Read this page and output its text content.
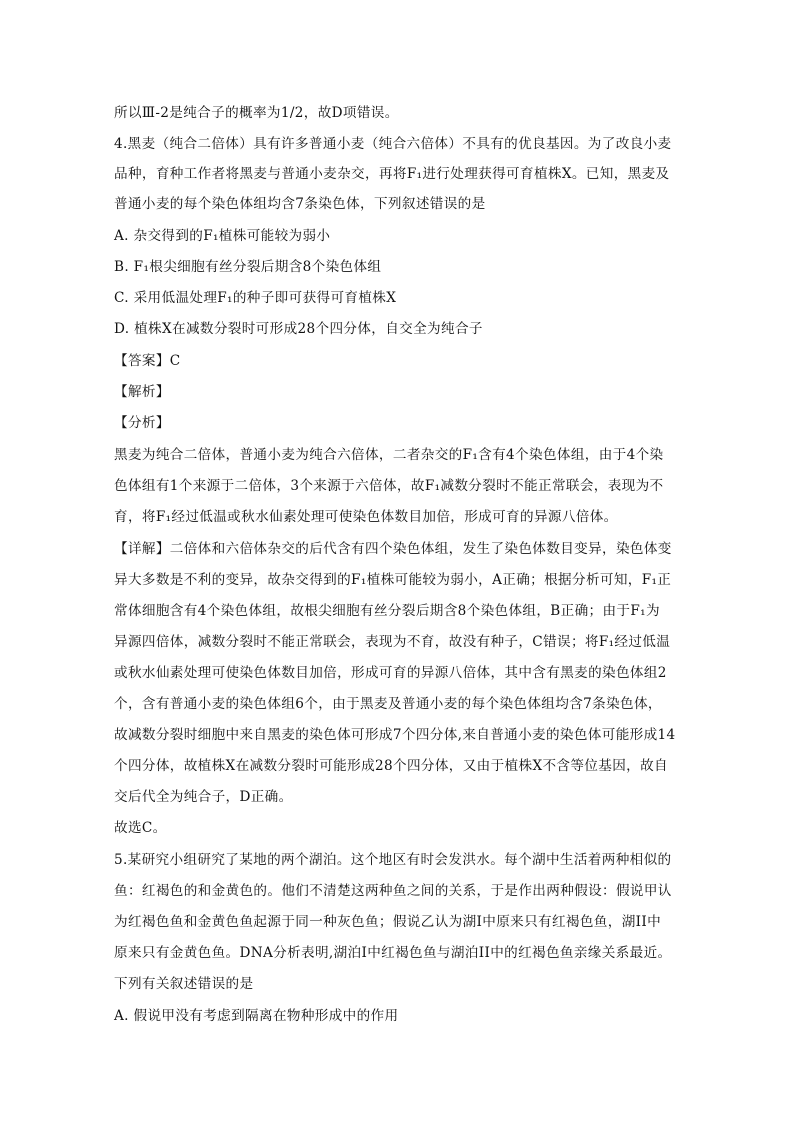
所以Ⅲ-2是纯合子的概率为1/2，故D项错误。
4.黑麦（纯合二倍体）具有许多普通小麦（纯合六倍体）不具有的优良基因。为了改良小麦
品种，育种工作者将黑麦与普通小麦杂交，再将F₁进行处理获得可育植株X。已知，黑麦及
普通小麦的每个染色体组均含7条染色体，下列叙述错误的是
A. 杂交得到的F₁植株可能较为弱小
B. F₁根尖细胞有丝分裂后期含8个染色体组
C. 采用低温处理F₁的种子即可获得可育植株X
D. 植株X在减数分裂时可形成28个四分体，自交全为纯合子
【答案】C
【解析】
【分析】
黑麦为纯合二倍体，普通小麦为纯合六倍体，二者杂交的F₁含有4个染色体组，由于4个染
色体组有1个来源于二倍体，3个来源于六倍体，故F₁减数分裂时不能正常联会，表现为不
育，将F₁经过低温或秋水仙素处理可使染色体数目加倍，形成可育的异源八倍体。
【详解】二倍体和六倍体杂交的后代含有四个染色体组，发生了染色体数目变异，染色体变
异大多数是不利的变异，故杂交得到的F₁植株可能较为弱小，A正确；根据分析可知，F₁正
常体细胞含有4个染色体组，故根尖细胞有丝分裂后期含8个染色体组，B正确；由于F₁为
异源四倍体，减数分裂时不能正常联会，表现为不育，故没有种子，C错误；将F₁经过低温
或秋水仙素处理可使染色体数目加倍，形成可育的异源八倍体，其中含有黑麦的染色体组2
个，含有普通小麦的染色体组6个，由于黑麦及普通小麦的每个染色体组均含7条染色体，
故减数分裂时细胞中来自黑麦的染色体可形成7个四分体,来自普通小麦的染色体可能形成14
个四分体，故植株X在减数分裂时可能形成28个四分体，又由于植株X不含等位基因，故自
交后代全为纯合子，D正确。
故选C。
5.某研究小组研究了某地的两个湖泊。这个地区有时会发洪水。每个湖中生活着两种相似的
鱼：红褐色的和金黄色的。他们不清楚这两种鱼之间的关系，于是作出两种假设：假说甲认
为红褐色鱼和金黄色鱼起源于同一种灰色鱼；假说乙认为湖I中原来只有红褐色鱼，湖II中
原来只有金黄色鱼。DNA分析表明,湖泊I中红褐色鱼与湖泊II中的红褐色鱼亲缘关系最近。
下列有关叙述错误的是
A. 假说甲没有考虑到隔离在物种形成中的作用
